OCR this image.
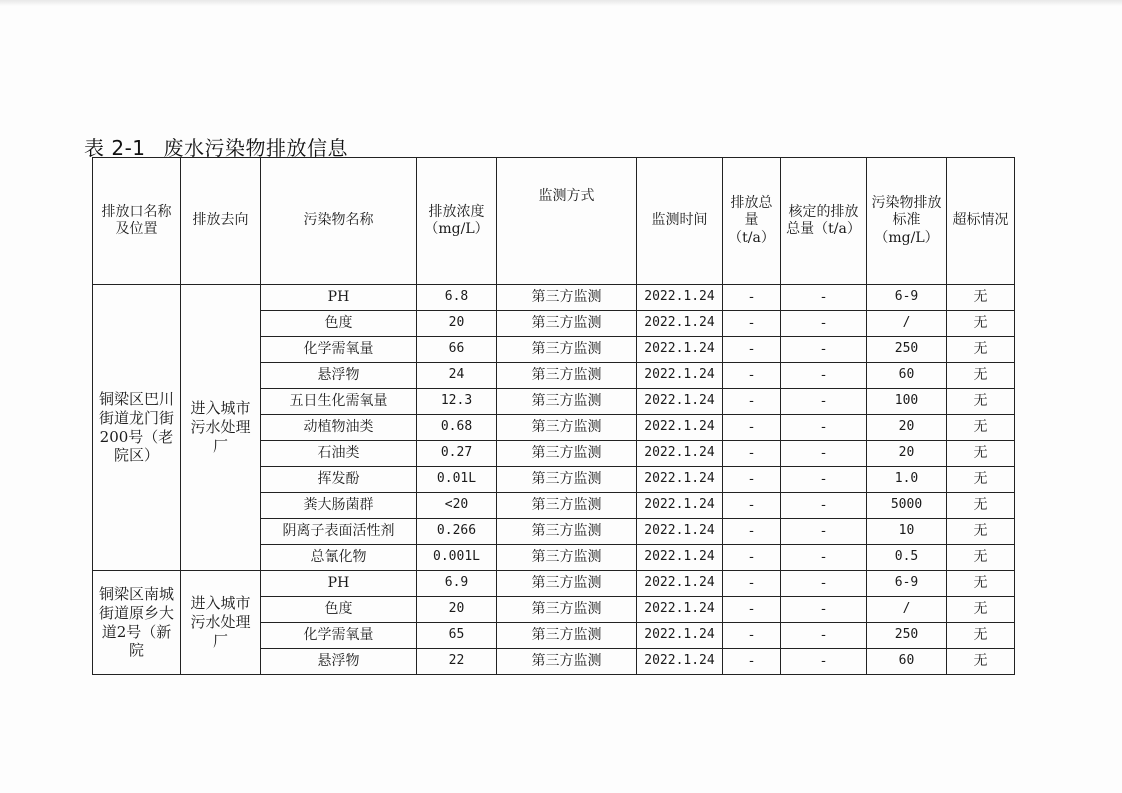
表 2-1 废水污染物排放信息
排放口名称及位置	排放去向	污染物名称	排放浓度（mg/L）	监测方式	监测时间	排放总量（t/a）	核定的排放总量（t/a）	污染物排放标准（mg/L）	超标情况
铜梁区巴川街道龙门街200号（老院区）	进入城市污水处理厂	PH	6.8	第三方监测	2022.1.24	-	-	6-9	无
		色度	20	第三方监测	2022.1.24	-	-	/	无
		化学需氧量	66	第三方监测	2022.1.24	-	-	250	无
		悬浮物	24	第三方监测	2022.1.24	-	-	60	无
		五日生化需氧量	12.3	第三方监测	2022.1.24	-	-	100	无
		动植物油类	0.68	第三方监测	2022.1.24	-	-	20	无
		石油类	0.27	第三方监测	2022.1.24	-	-	20	无
		挥发酚	0.01L	第三方监测	2022.1.24	-	-	1.0	无
		粪大肠菌群	<20	第三方监测	2022.1.24	-	-	5000	无
		阴离子表面活性剂	0.266	第三方监测	2022.1.24	-	-	10	无
		总氰化物	0.001L	第三方监测	2022.1.24	-	-	0.5	无
铜梁区南城街道原乡大道2号（新院	进入城市污水处理厂	PH	6.9	第三方监测	2022.1.24	-	-	6-9	无
		色度	20	第三方监测	2022.1.24	-	-	/	无
		化学需氧量	65	第三方监测	2022.1.24	-	-	250	无
		悬浮物	22	第三方监测	2022.1.24	-	-	60	无
